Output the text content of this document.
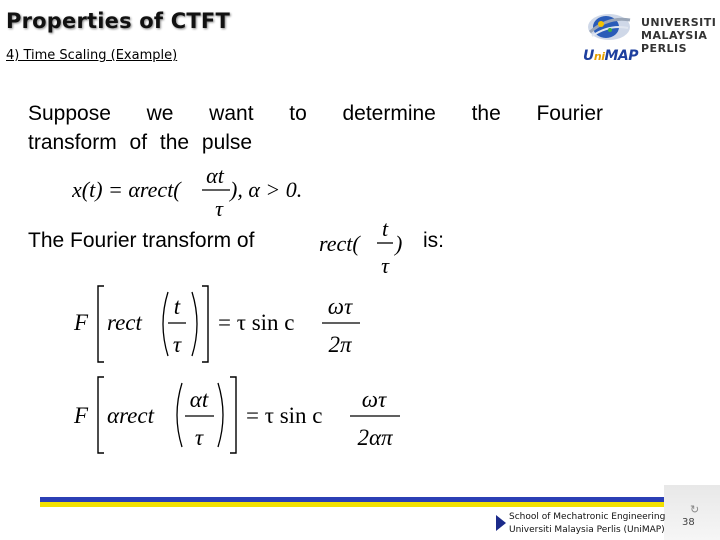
Properties of CTFT
4) Time Scaling (Example)
UNIVERSITI
MALAYSIA
PERLIS
UniMAP
Suppose we want to determine the Fourier
transform of the pulse
x(t) = αrect(
αt
τ
), α > 0.
The Fourier transform of	rect(
t
τ
) is:
F rect
t
τ
= τ sin c
ωτ
2π
F αrect
αt
τ
= τ sin c
ωτ
2απ
School of Mechatronic Engineering
Universiti Malaysia Perlis (UniMAP)
↻
38
